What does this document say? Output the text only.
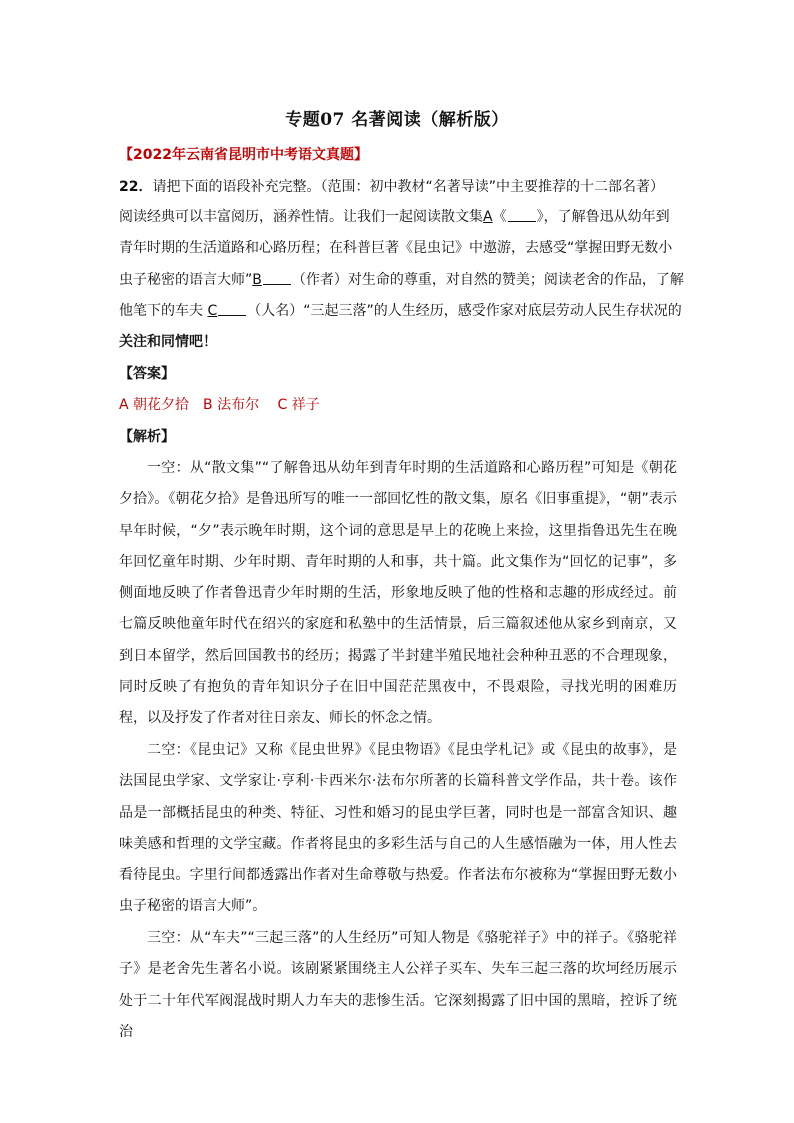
专题07 名著阅读（解析版）
【2022年云南省昆明市中考语文真题】
22．请把下面的语段补充完整。（范围：初中教材“名著导读”中主要推荐的十二部名著）
阅读经典可以丰富阅历，涵养性情。让我们一起阅读散文集A《 》，了解鲁迅从幼年到
青年时期的生活道路和心路历程；在科普巨著《昆虫记》中遨游，去感受“掌握田野无数小
虫子秘密的语言大师”B （作者）对生命的尊重，对自然的赞美；阅读老舍的作品，了解
他笔下的车夫 C （人名）“三起三落”的人生经历，感受作家对底层劳动人民生存状况的
关注和同情吧！
【答案】
A 朝花夕拾　B 法布尔　 C 祥子
【解析】
一空：从“散文集”“了解鲁迅从幼年到青年时期的生活道路和心路历程”可知是《朝花夕拾》。《朝花夕拾》是鲁迅所写的唯一一部回忆性的散文集，原名《旧事重提》，“朝”表示早年时候，“夕”表示晚年时期，这个词的意思是早上的花晚上来捡，这里指鲁迅先生在晚年回忆童年时期、少年时期、青年时期的人和事，共十篇。此文集作为“回忆的记事”，多侧面地反映了作者鲁迅青少年时期的生活，形象地反映了他的性格和志趣的形成经过。前七篇反映他童年时代在绍兴的家庭和私塾中的生活情景，后三篇叙述他从家乡到南京，又到日本留学，然后回国教书的经历；揭露了半封建半殖民地社会种种丑恶的不合理现象，同时反映了有抱负的青年知识分子在旧中国茫茫黑夜中，不畏艰险，寻找光明的困难历程，以及抒发了作者对往日亲友、师长的怀念之情。
二空：《昆虫记》又称《昆虫世界》《昆虫物语》《昆虫学札记》或《昆虫的故事》，是法国昆虫学家、文学家让·亨利·卡西米尔·法布尔所著的长篇科普文学作品，共十卷。该作品是一部概括昆虫的种类、特征、习性和婚习的昆虫学巨著，同时也是一部富含知识、趣味美感和哲理的文学宝藏。作者将昆虫的多彩生活与自己的人生感悟融为一体，用人性去看待昆虫。字里行间都透露出作者对生命尊敬与热爱。作者法布尔被称为“掌握田野无数小虫子秘密的语言大师”。
三空：从“车夫”“三起三落”的人生经历”可知人物是《骆驼祥子》中的祥子。《骆驼祥子》是老舍先生著名小说。该剧紧紧围绕主人公祥子买车、失车三起三落的坎坷经历展示处于二十年代军阀混战时期人力车夫的悲惨生活。它深刻揭露了旧中国的黑暗，控诉了统治
